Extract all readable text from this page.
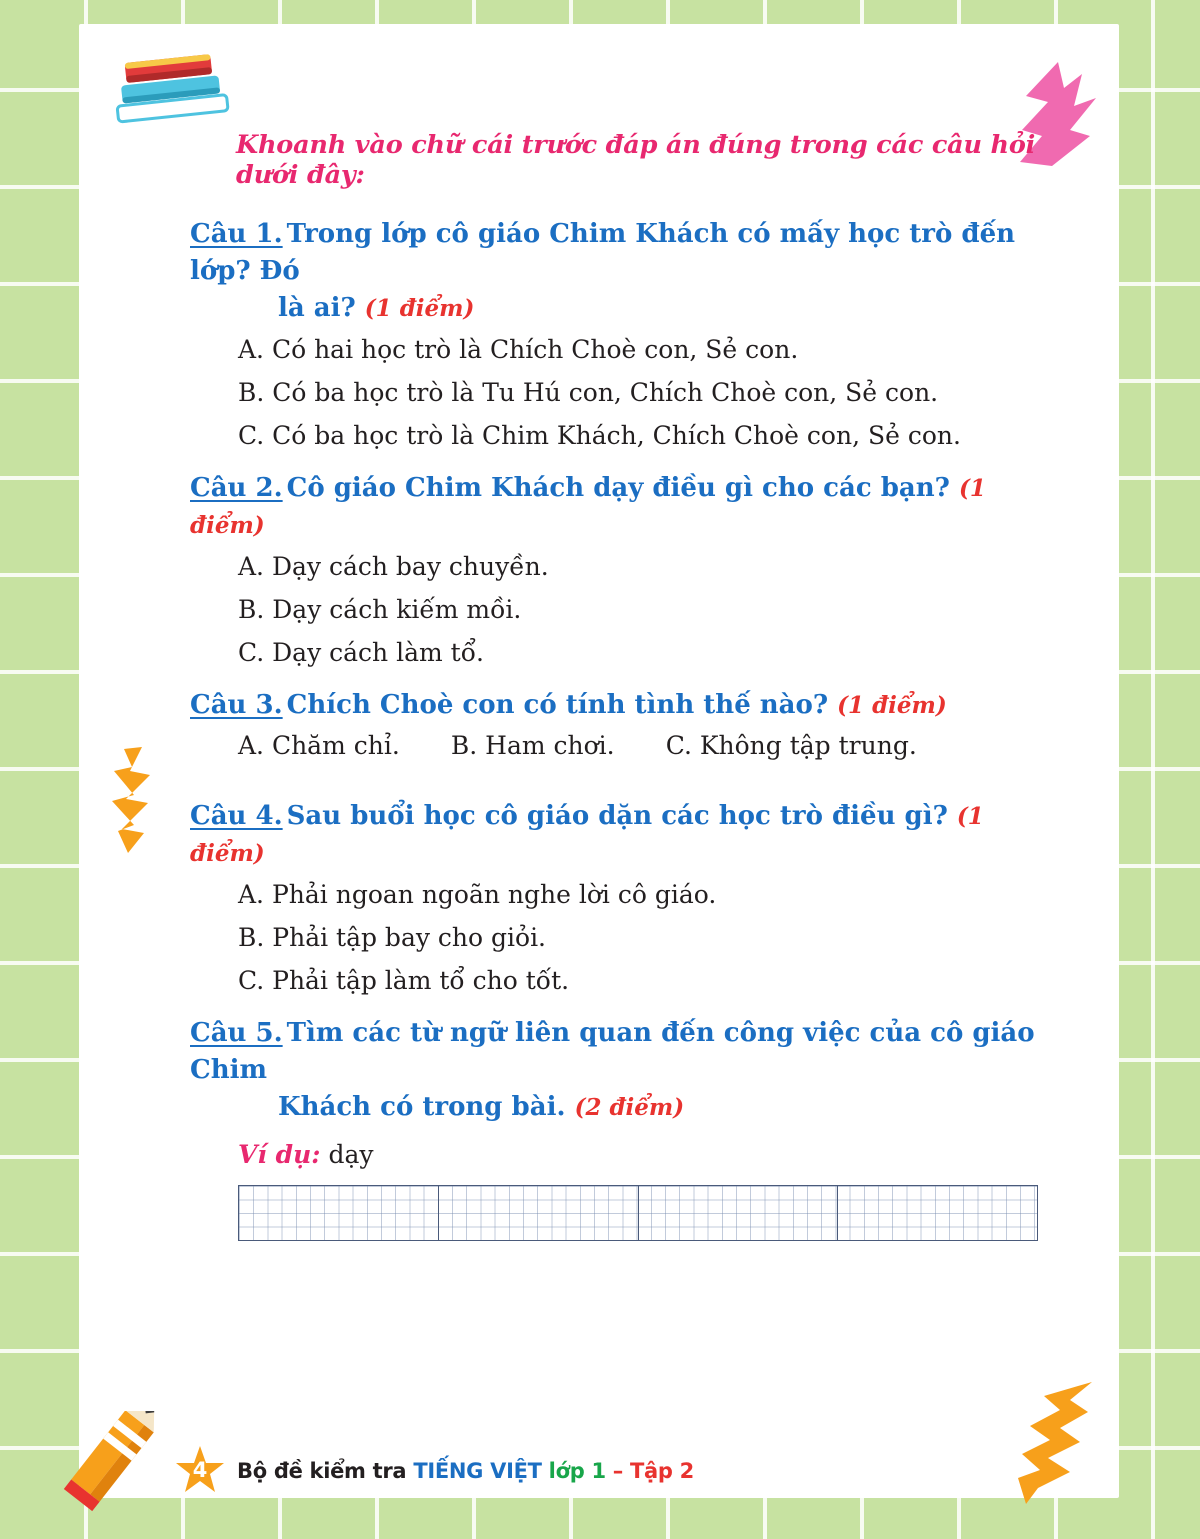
Khoanh vào chữ cái trước đáp án đúng trong các câu hỏi dưới đây:

Câu 1. Trong lớp cô giáo Chim Khách có mấy học trò đến lớp? Đó
là ai? (1 điểm)
A. Có hai học trò là Chích Choè con, Sẻ con.
B. Có ba học trò là Tu Hú con, Chích Choè con, Sẻ con.
C. Có ba học trò là Chim Khách, Chích Choè con, Sẻ con.
Câu 2. Cô giáo Chim Khách dạy điều gì cho các bạn? (1 điểm)
A. Dạy cách bay chuyền.
B. Dạy cách kiếm mồi.
C. Dạy cách làm tổ.
Câu 3. Chích Choè con có tính tình thế nào? (1 điểm)
A. Chăm chỉ. B. Ham chơi. C. Không tập trung.
Câu 4. Sau buổi học cô giáo dặn các học trò điều gì? (1 điểm)
A. Phải ngoan ngoãn nghe lời cô giáo.
B. Phải tập bay cho giỏi.
C. Phải tập làm tổ cho tốt.
Câu 5. Tìm các từ ngữ liên quan đến công việc của cô giáo Chim
Khách có trong bài. (2 điểm)
Ví dụ: dạy
4	Bộ đề kiểm tra TIẾNG VIỆT lớp 1 – Tập 2
